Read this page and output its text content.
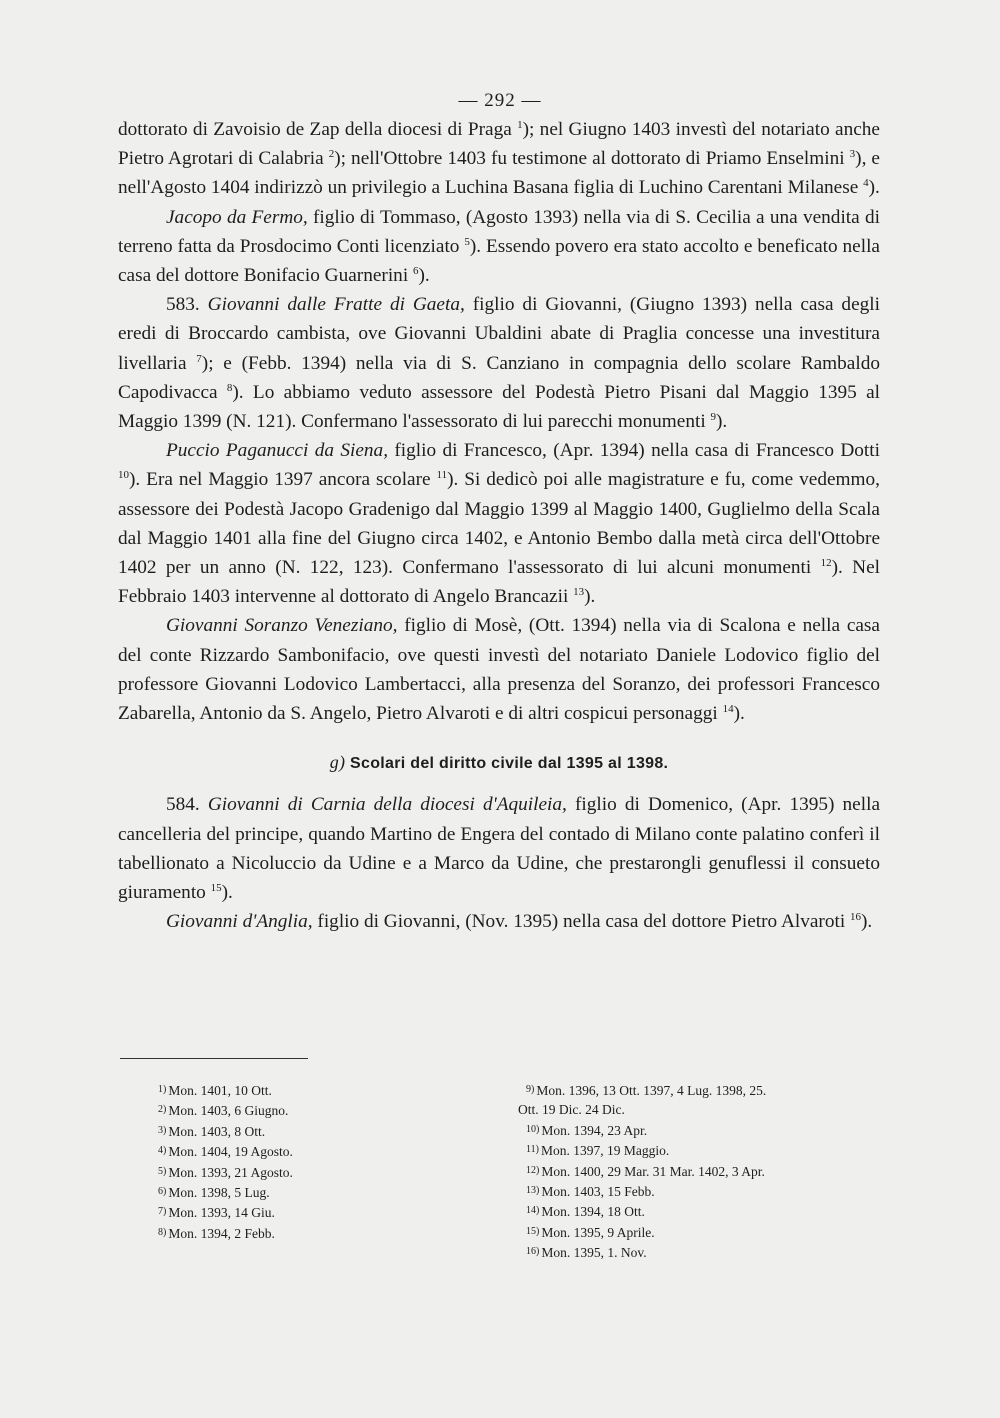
— 292 —

dottorato di Zavoisio de Zap della diocesi di Praga $^1$); nel Giugno 1403 investì del notariato anche Pietro Agrotari di Calabria $^2$); nell'Ottobre 1403 fu testimone al dottorato di Priamo Enselmini $^3$), e nell'Agosto 1404 indirizzò un privilegio a Luchina Basana figlia di Luchino Carentani Milanese $^4$).

Jacopo da Fermo, figlio di Tommaso, (Agosto 1393) nella via di S. Cecilia a una vendita di terreno fatta da Prosdocimo Conti licenziato $^5$). Essendo povero era stato accolto e beneficato nella casa del dottore Bonifacio Guarnerini $^6$).

583. Giovanni dalle Fratte di Gaeta, figlio di Giovanni, (Giugno 1393) nella casa degli eredi di Broccardo cambista, ove Giovanni Ubaldini abate di Praglia concesse una investitura livellaria $^7$); e (Febb. 1394) nella via di S. Canziano in compagnia dello scolare Rambaldo Capodivacca $^8$). Lo abbiamo veduto assessore del Podestà Pietro Pisani dal Maggio 1395 al Maggio 1399 (N. 121). Confermano l'assessorato di lui parecchi monumenti $^9$).

Puccio Paganucci da Siena, figlio di Francesco, (Apr. 1394) nella casa di Francesco Dotti $^{10}$). Era nel Maggio 1397 ancora scolare $^{11}$). Si dedicò poi alle magistrature e fu, come vedemmo, assessore dei Podestà Jacopo Gradenigo dal Maggio 1399 al Maggio 1400, Guglielmo della Scala dal Maggio 1401 alla fine del Giugno circa 1402, e Antonio Bembo dalla metà circa dell'Ottobre 1402 per un anno (N. 122, 123). Confermano l'assessorato di lui alcuni monumenti $^{12}$). Nel Febbraio 1403 intervenne al dottorato di Angelo Brancazii $^{13}$).

Giovanni Soranzo Veneziano, figlio di Mosè, (Ott. 1394) nella via di Scalona e nella casa del conte Rizzardo Sambonifacio, ove questi investì del notariato Daniele Lodovico figlio del professore Giovanni Lodovico Lambertacci, alla presenza del Soranzo, dei professori Francesco Zabarella, Antonio da S. Angelo, Pietro Alvaroti e di altri cospicui personaggi $^{14}$).

g) Scolari del diritto civile dal 1395 al 1398.

584. Giovanni di Carnia della diocesi d'Aquileia, figlio di Domenico, (Apr. 1395) nella cancelleria del principe, quando Martino de Engera del contado di Milano conte palatino conferì il tabellionato a Nicoluccio da Udine e a Marco da Udine, che prestarongli genuflessi il consueto giuramento $^{15}$).

Giovanni d'Anglia, figlio di Giovanni, (Nov. 1395) nella casa del dottore Pietro Alvaroti $^{16}$).

$^{1)}$ Mon. 1401, 10 Ott.
$^{2)}$ Mon. 1403, 6 Giugno.
$^{3)}$ Mon. 1403, 8 Ott.
$^{4)}$ Mon. 1404, 19 Agosto.
$^{5)}$ Mon. 1393, 21 Agosto.
$^{6)}$ Mon. 1398, 5 Lug.
$^{7)}$ Mon. 1393, 14 Giu.
$^{8)}$ Mon. 1394, 2 Febb.
$^{9)}$ Mon. 1396, 13 Ott. 1397, 4 Lug. 1398, 25.
Ott. 19 Dic. 24 Dic.
$^{10)}$ Mon. 1394, 23 Apr.
$^{11)}$ Mon. 1397, 19 Maggio.
$^{12)}$ Mon. 1400, 29 Mar. 31 Mar. 1402, 3 Apr.
$^{13)}$ Mon. 1403, 15 Febb.
$^{14)}$ Mon. 1394, 18 Ott.
$^{15)}$ Mon. 1395, 9 Aprile.
$^{16)}$ Mon. 1395, 1. Nov.
